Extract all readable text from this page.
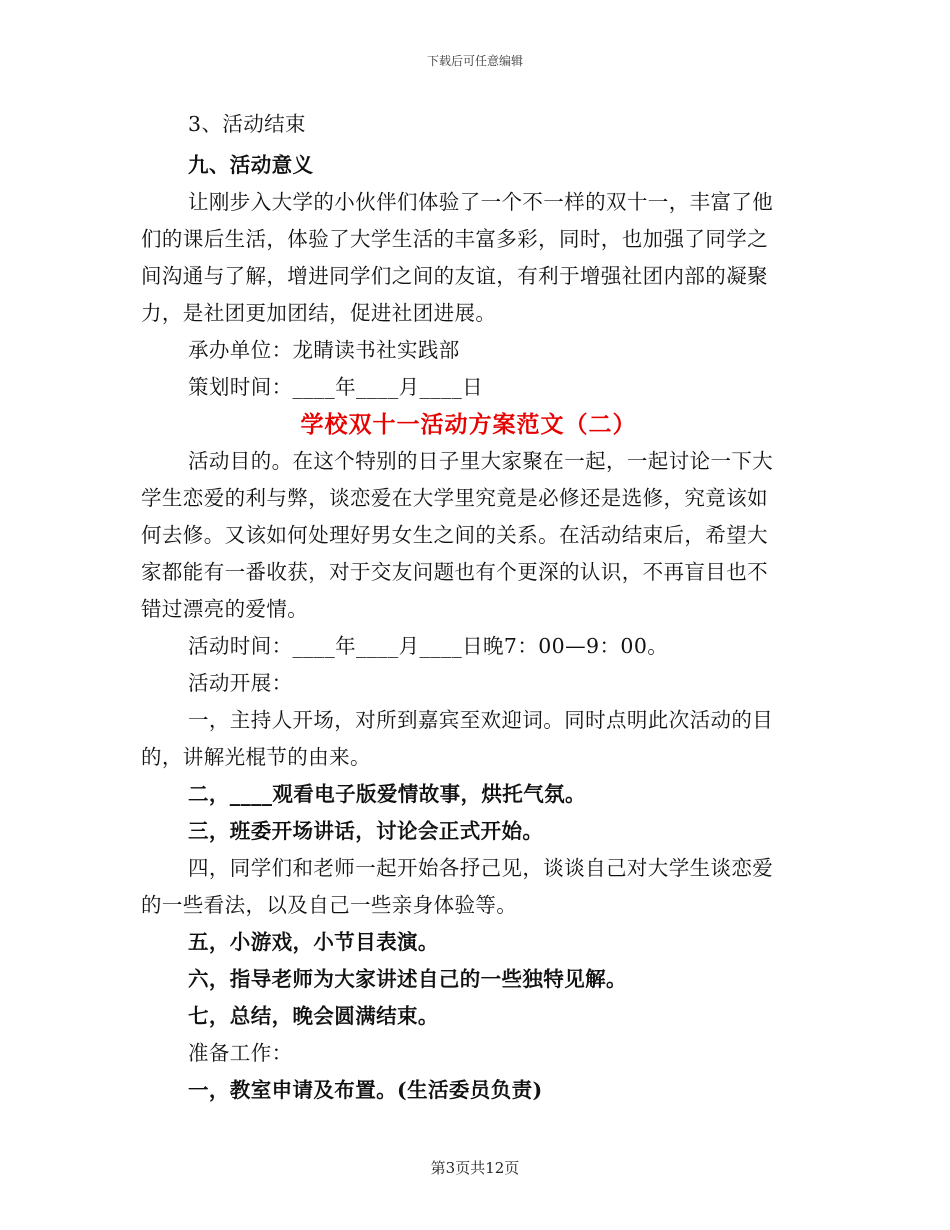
下载后可任意编辑
3、活动结束
九、活动意义
让刚步入大学的小伙伴们体验了一个不一样的双十一，丰富了他
们的课后生活，体验了大学生活的丰富多彩，同时，也加强了同学之
间沟通与了解，增进同学们之间的友谊，有利于增强社团内部的凝聚
力，是社团更加团结，促进社团进展。
承办单位：龙睛读书社实践部
策划时间：____年____月____日
学校双十一活动方案范文（二）
活动目的。在这个特别的日子里大家聚在一起，一起讨论一下大
学生恋爱的利与弊，谈恋爱在大学里究竟是必修还是选修，究竟该如
何去修。又该如何处理好男女生之间的关系。在活动结束后，希望大
家都能有一番收获，对于交友问题也有个更深的认识，不再盲目也不
错过漂亮的爱情。
活动时间：____年____月____日晚7：00—9：00。
活动开展：
一，主持人开场，对所到嘉宾至欢迎词。同时点明此次活动的目
的，讲解光棍节的由来。
二，____观看电子版爱情故事，烘托气氛。
三，班委开场讲话，讨论会正式开始。
四，同学们和老师一起开始各抒己见，谈谈自己对大学生谈恋爱
的一些看法，以及自己一些亲身体验等。
五，小游戏，小节目表演。
六，指导老师为大家讲述自己的一些独特见解。
七，总结，晚会圆满结束。
准备工作：
一，教室申请及布置。(生活委员负责)
第3页共12页
